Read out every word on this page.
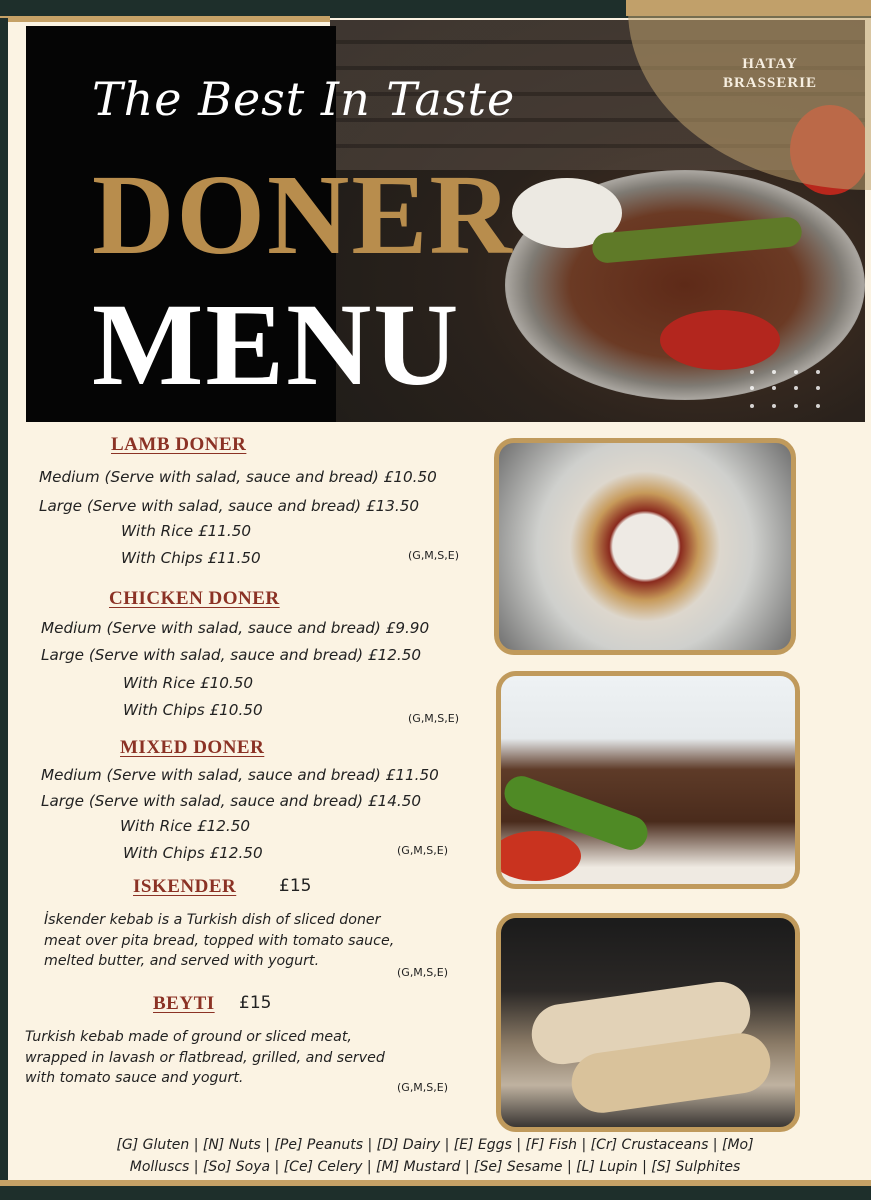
HATAY
BRASSERIE
The Best In Taste
DONER
MENU
LAMB DONER
Medium (Serve with salad, sauce and bread) £10.50
Large (Serve with salad, sauce and bread) £13.50
With Rice £11.50
With Chips £11.50	(G,M,S,E)
CHICKEN DONER
Medium (Serve with salad, sauce and bread) £9.90
Large (Serve with salad, sauce and bread) £12.50
With Rice £10.50
With Chips £10.50	(G,M,S,E)
MIXED DONER
Medium (Serve with salad, sauce and bread) £11.50
Large (Serve with salad, sauce and bread) £14.50
With Rice £12.50
With Chips £12.50	(G,M,S,E)
ISKENDER	£15
İskender kebab is a Turkish dish of sliced doner
meat over pita bread, topped with tomato sauce,
melted butter, and served with yogurt.
(G,M,S,E)
BEYTI £15
Turkish kebab made of ground or sliced meat,
wrapped in lavash or flatbread, grilled, and served
with tomato sauce and yogurt.
(G,M,S,E)
[G] Gluten | [N] Nuts | [Pe] Peanuts | [D] Dairy | [E] Eggs | [F] Fish | [Cr] Crustaceans | [Mo]
Molluscs | [So] Soya | [Ce] Celery | [M] Mustard | [Se] Sesame | [L] Lupin | [S] Sulphites
